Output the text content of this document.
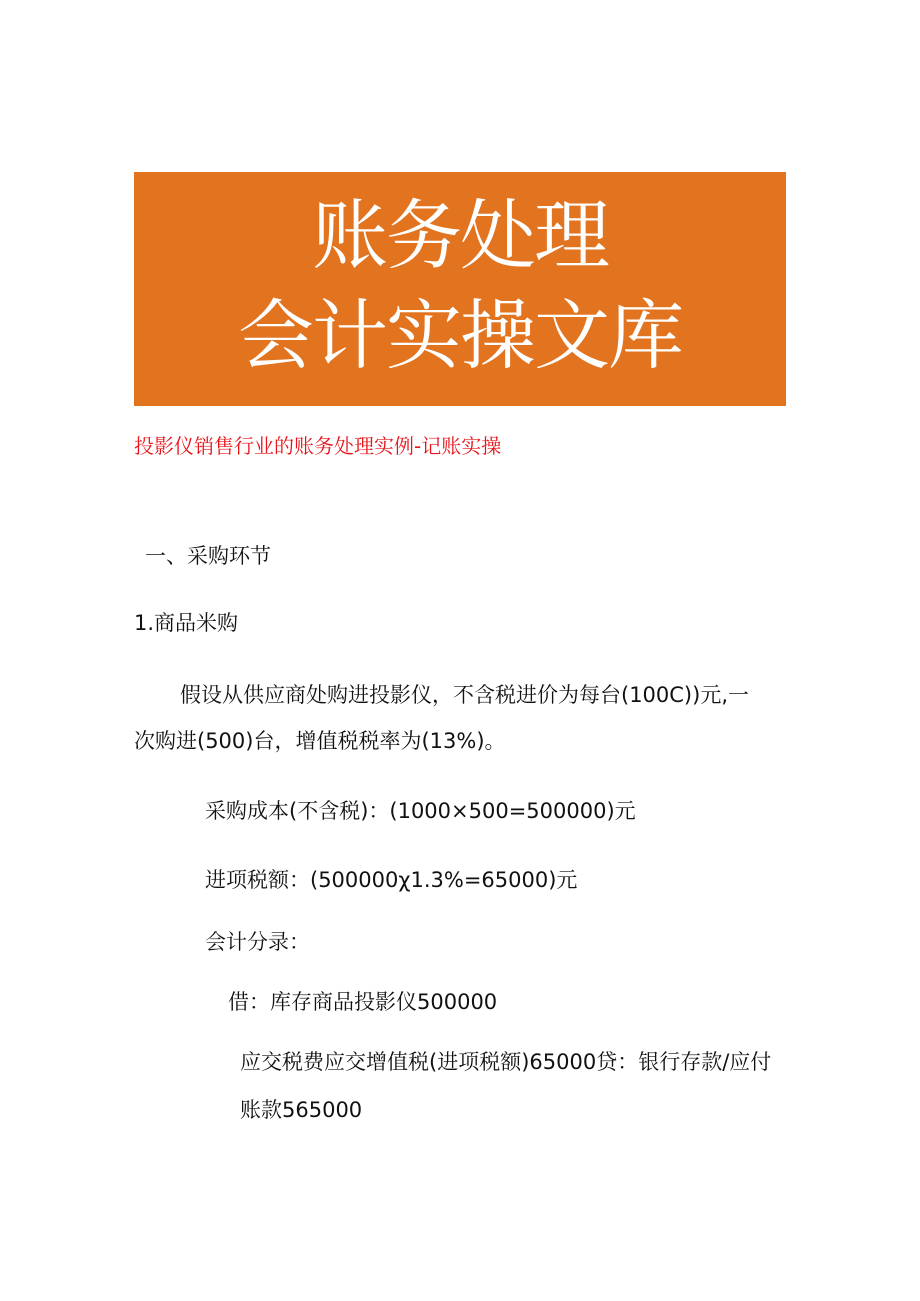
账务处理
会计实操文库
投影仪销售行业的账务处理实例-记账实操
一、采购环节
1.商品米购
假设从供应商处购进投影仪，不含税进价为每台(100C))元,一
次购进(500)台，增值税税率为(13%)。
采购成本(不含税)：(1000×500=500000)元
进项税额：(500000χ1.3%=65000)元
会计分录：
借：库存商品投影仪500000
应交税费应交增值税(进项税额)65000贷：银行存款/应付
账款565000
